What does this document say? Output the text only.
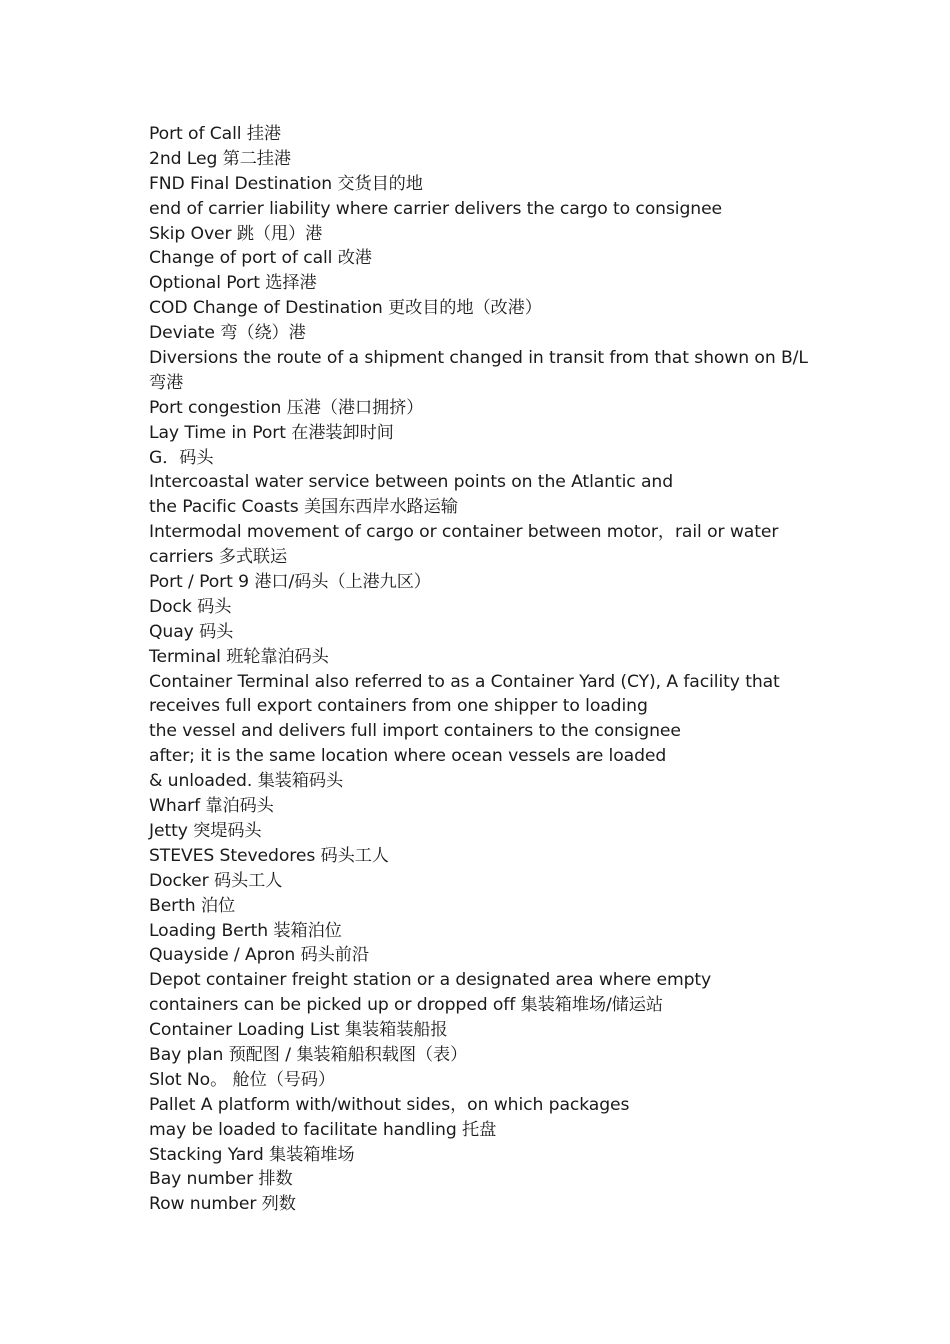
Port of Call 挂港
2nd Leg 第二挂港
FND Final Destination 交货目的地
end of carrier liability where carrier delivers the cargo to consignee
Skip Over 跳（甩）港
Change of port of call 改港
Optional Port 选择港
COD Change of Destination 更改目的地（改港）
Deviate 弯（绕）港
Diversions the route of a shipment changed in transit from that shown on B/L
弯港
Port congestion 压港（港口拥挤）
Lay Time in Port 在港装卸时间
G．码头
Intercoastal water service between points on the Atlantic and
the Pacific Coasts 美国东西岸水路运输
Intermodal movement of cargo or container between motor，rail or water
carriers 多式联运
Port / Port 9 港口/码头（上港九区）
Dock 码头
Quay 码头
Terminal 班轮靠泊码头
Container Terminal also referred to as a Container Yard (CY), A facility that
receives full export containers from one shipper to loading
the vessel and delivers full import containers to the consignee
after; it is the same location where ocean vessels are loaded
& unloaded. 集装箱码头
Wharf 靠泊码头
Jetty 突堤码头
STEVES Stevedores 码头工人
Docker 码头工人
Berth 泊位
Loading Berth 装箱泊位
Quayside / Apron 码头前沿
Depot container freight station or a designated area where empty
containers can be picked up or dropped off 集装箱堆场/储运站
Container Loading List 集装箱装船报
Bay plan 预配图 / 集装箱船积载图（表）
Slot No。 舱位（号码）
Pallet A platform with/without sides，on which packages
may be loaded to facilitate handling 托盘
Stacking Yard 集装箱堆场
Bay number 排数
Row number 列数
